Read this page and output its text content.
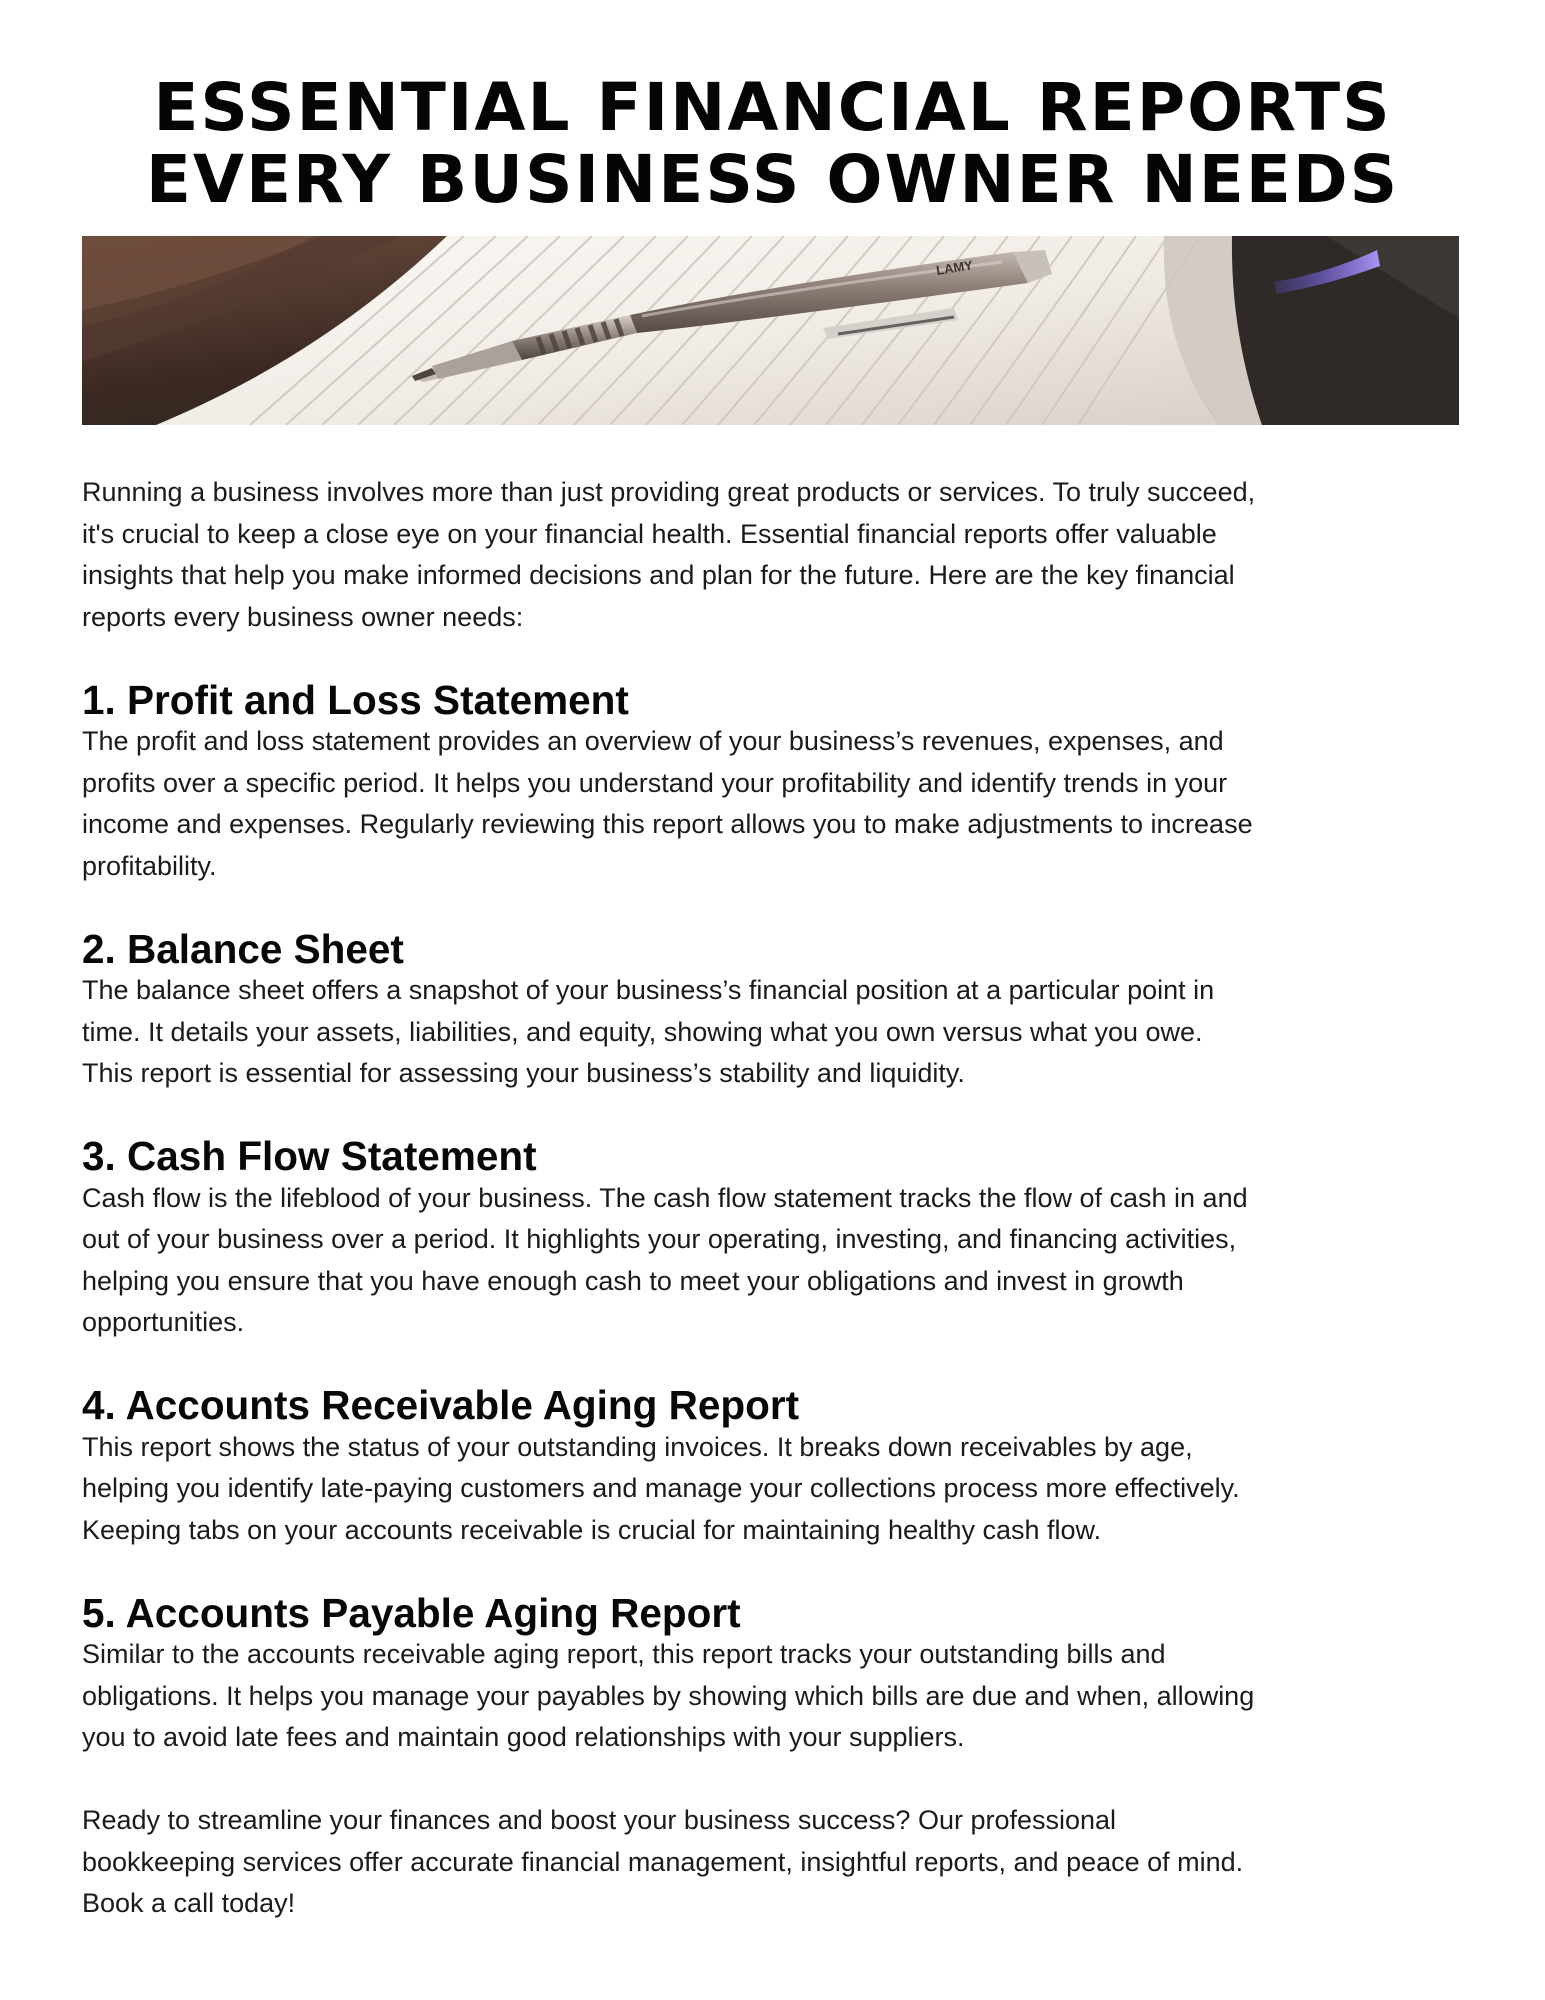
ESSENTIAL FINANCIAL REPORTS
EVERY BUSINESS OWNER NEEDS
LAMY

Running a business involves more than just providing great products or services. To truly succeed,
it's crucial to keep a close eye on your financial health. Essential financial reports offer valuable
insights that help you make informed decisions and plan for the future. Here are the key financial
reports every business owner needs:

1. Profit and Loss Statement

The profit and loss statement provides an overview of your business’s revenues, expenses, and
profits over a specific period. It helps you understand your profitability and identify trends in your
income and expenses. Regularly reviewing this report allows you to make adjustments to increase
profitability.

2. Balance Sheet

The balance sheet offers a snapshot of your business’s financial position at a particular point in
time. It details your assets, liabilities, and equity, showing what you own versus what you owe.
This report is essential for assessing your business’s stability and liquidity.

3. Cash Flow Statement

Cash flow is the lifeblood of your business. The cash flow statement tracks the flow of cash in and
out of your business over a period. It highlights your operating, investing, and financing activities,
helping you ensure that you have enough cash to meet your obligations and invest in growth
opportunities.

4. Accounts Receivable Aging Report

This report shows the status of your outstanding invoices. It breaks down receivables by age,
helping you identify late-paying customers and manage your collections process more effectively.
Keeping tabs on your accounts receivable is crucial for maintaining healthy cash flow.

5. Accounts Payable Aging Report

Similar to the accounts receivable aging report, this report tracks your outstanding bills and
obligations. It helps you manage your payables by showing which bills are due and when, allowing
you to avoid late fees and maintain good relationships with your suppliers.

Ready to streamline your finances and boost your business success? Our professional
bookkeeping services offer accurate financial management, insightful reports, and peace of mind.
Book a call today!
